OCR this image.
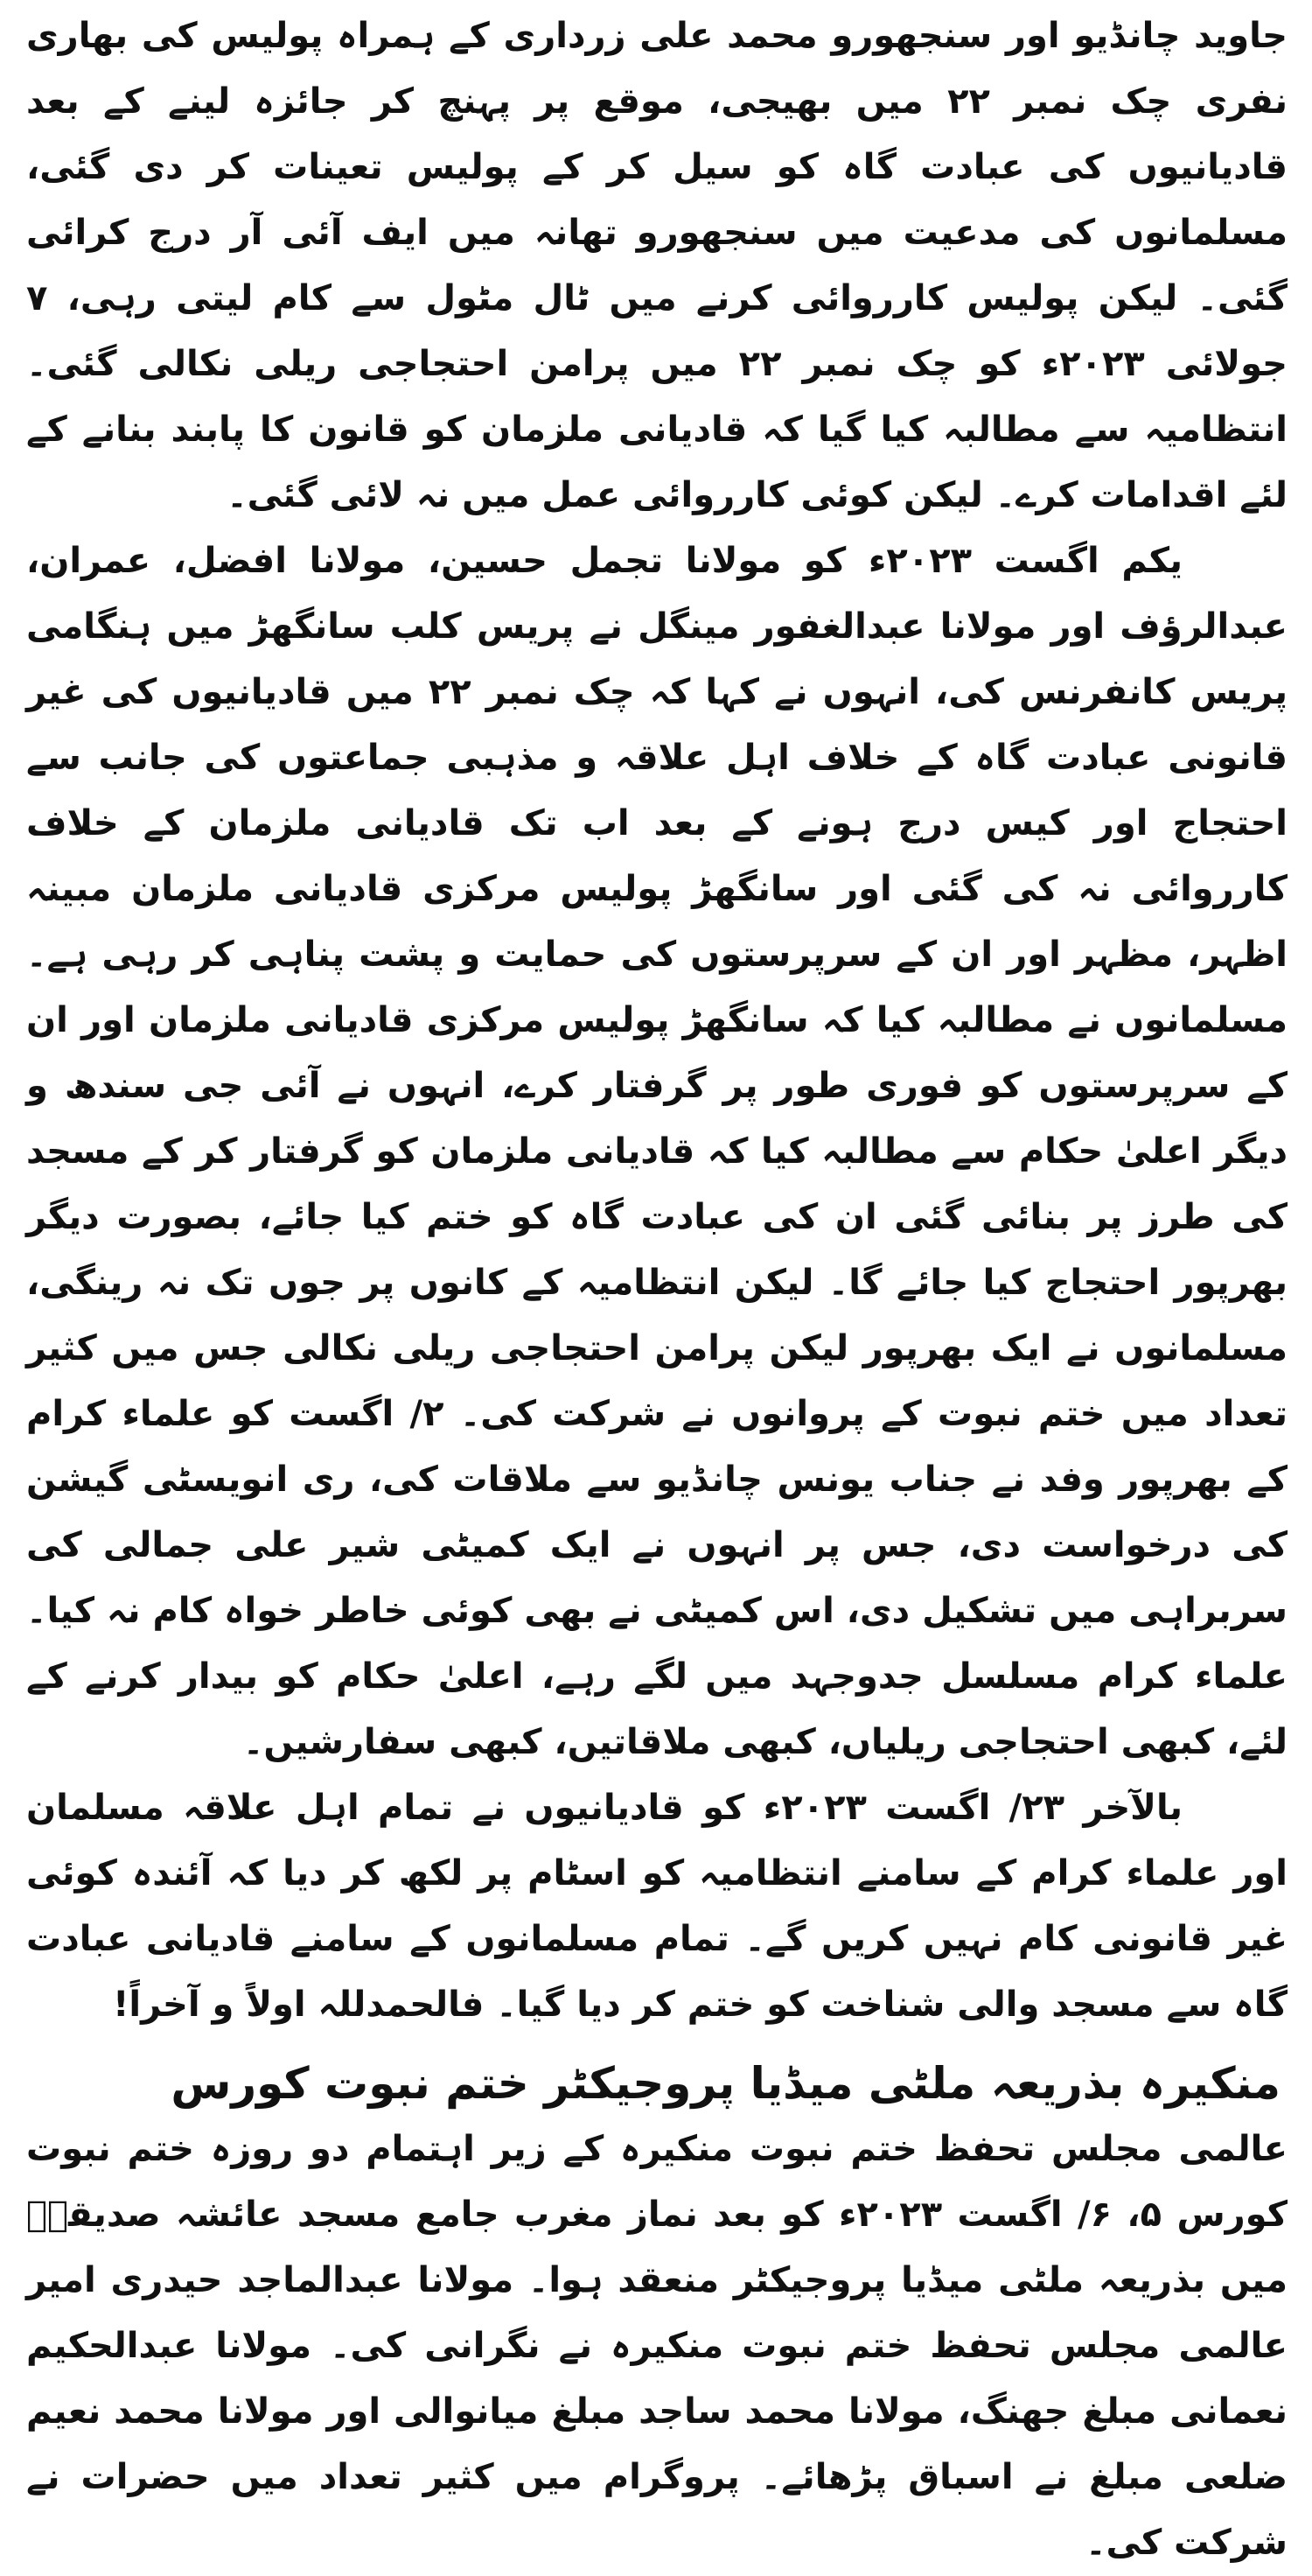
جاوید چانڈیو اور سنجھورو محمد علی زرداری کے ہمراہ پولیس کی بھاری نفری چک نمبر ۲۲ میں بھیجی، موقع پر پہنچ کر جائزہ لینے کے بعد قادیانیوں کی عبادت گاہ کو سیل کر کے پولیس تعینات کر دی گئی، مسلمانوں کی مدعیت میں سنجھورو تھانہ میں ایف آئی آر درج کرائی گئی۔ لیکن پولیس کارروائی کرنے میں ٹال مٹول سے کام لیتی رہی، ۷ جولائی ۲۰۲۳ء کو چک نمبر ۲۲ میں پرامن احتجاجی ریلی نکالی گئی۔ انتظامیہ سے مطالبہ کیا گیا کہ قادیانی ملزمان کو قانون کا پابند بنانے کے لئے اقدامات کرے۔ لیکن کوئی کارروائی عمل میں نہ لائی گئی۔

یکم اگست ۲۰۲۳ء کو مولانا تجمل حسین، مولانا افضل، عمران، عبدالرؤف اور مولانا عبدالغفور مینگل نے پریس کلب سانگھڑ میں ہنگامی پریس کانفرنس کی، انہوں نے کہا کہ چک نمبر ۲۲ میں قادیانیوں کی غیر قانونی عبادت گاہ کے خلاف اہل علاقہ و مذہبی جماعتوں کی جانب سے احتجاج اور کیس درج ہونے کے بعد اب تک قادیانی ملزمان کے خلاف کارروائی نہ کی گئی اور سانگھڑ پولیس مرکزی قادیانی ملزمان مبینہ اظہر، مظہر اور ان کے سرپرستوں کی حمایت و پشت پناہی کر رہی ہے۔ مسلمانوں نے مطالبہ کیا کہ سانگھڑ پولیس مرکزی قادیانی ملزمان اور ان کے سرپرستوں کو فوری طور پر گرفتار کرے، انہوں نے آئی جی سندھ و دیگر اعلیٰ حکام سے مطالبہ کیا کہ قادیانی ملزمان کو گرفتار کر کے مسجد کی طرز پر بنائی گئی ان کی عبادت گاہ کو ختم کیا جائے، بصورت دیگر بھرپور احتجاج کیا جائے گا۔ لیکن انتظامیہ کے کانوں پر جوں تک نہ رینگی، مسلمانوں نے ایک بھرپور لیکن پرامن احتجاجی ریلی نکالی جس میں کثیر تعداد میں ختم نبوت کے پروانوں نے شرکت کی۔ ۲/ اگست کو علماء کرام کے بھرپور وفد نے جناب یونس چانڈیو سے ملاقات کی، ری انویسٹی گیشن کی درخواست دی، جس پر انہوں نے ایک کمیٹی شیر علی جمالی کی سربراہی میں تشکیل دی، اس کمیٹی نے بھی کوئی خاطر خواہ کام نہ کیا۔ علماء کرام مسلسل جدوجہد میں لگے رہے، اعلیٰ حکام کو بیدار کرنے کے لئے، کبھی احتجاجی ریلیاں، کبھی ملاقاتیں، کبھی سفارشیں۔

بالآخر ۲۳/ اگست ۲۰۲۳ء کو قادیانیوں نے تمام اہل علاقہ مسلمان اور علماء کرام کے سامنے انتظامیہ کو اسٹام پر لکھ کر دیا کہ آئندہ کوئی غیر قانونی کام نہیں کریں گے۔ تمام مسلمانوں کے سامنے قادیانی عبادت گاہ سے مسجد والی شناخت کو ختم کر دیا گیا۔ فالحمدللہ اولاً و آخراً!

منکیرہ بذریعہ ملٹی میڈیا پروجیکٹر ختم نبوت کورس

عالمی مجلس تحفظ ختم نبوت منکیرہ کے زیر اہتمام دو روزہ ختم نبوت کورس ۵، ۶/ اگست ۲۰۲۳ء کو بعد نماز مغرب جامع مسجد عائشہ صدیقہؓ میں بذریعہ ملٹی میڈیا پروجیکٹر منعقد ہوا۔ مولانا عبدالماجد حیدری امیر عالمی مجلس تحفظ ختم نبوت منکیرہ نے نگرانی کی۔ مولانا عبدالحکیم نعمانی مبلغ جھنگ، مولانا محمد ساجد مبلغ میانوالی اور مولانا محمد نعیم ضلعی مبلغ نے اسباق پڑھائے۔ پروگرام میں کثیر تعداد میں حضرات نے شرکت کی۔
